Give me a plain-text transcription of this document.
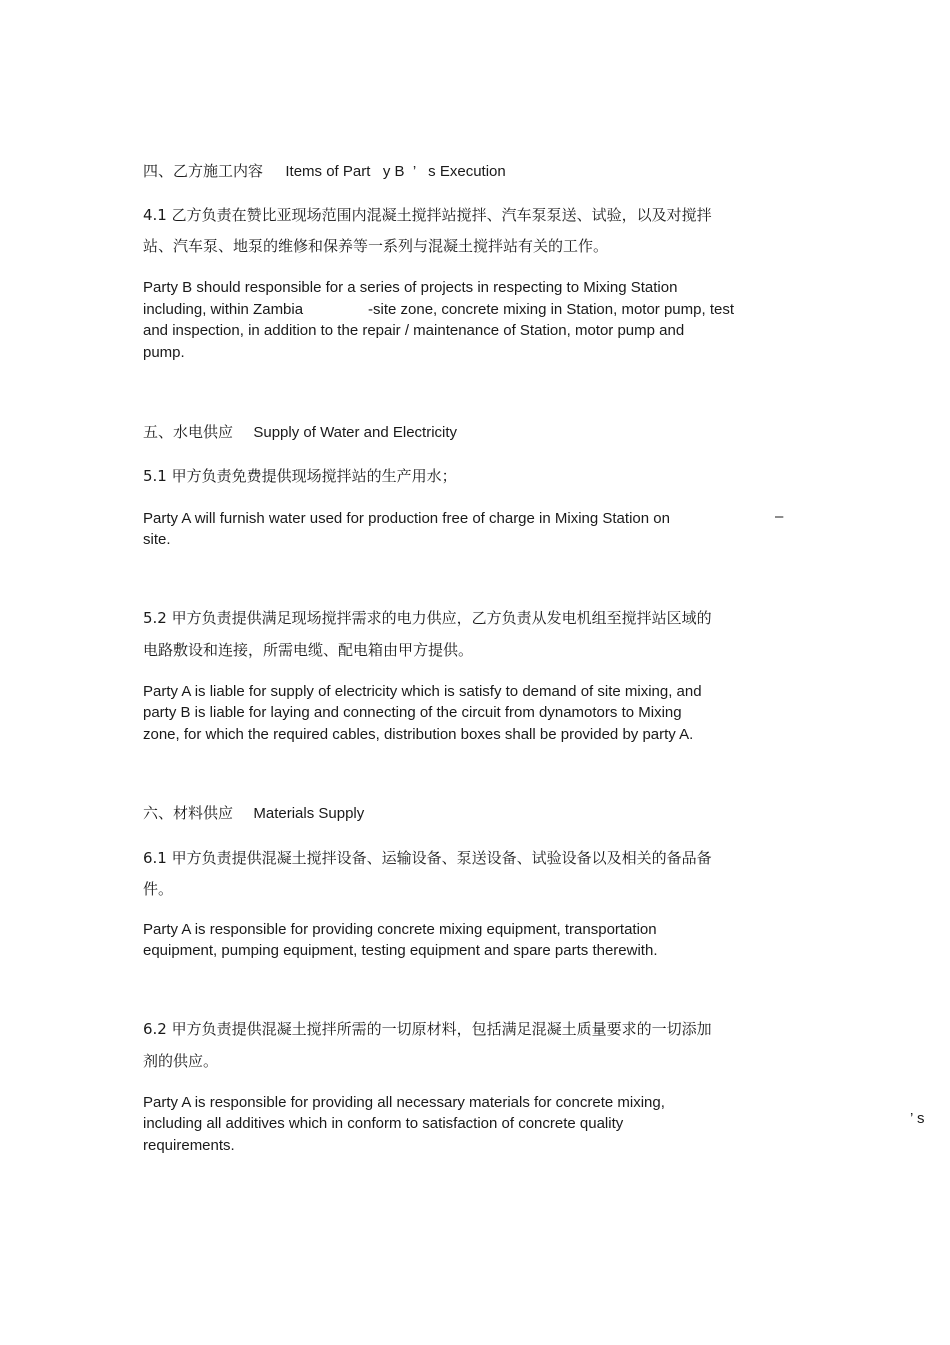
四、乙方施工内容 Items of Part   y B  ’   s Execution
4.1 乙方负责在赞比亚现场范围内混凝土搅拌站搅拌、汽车泵泵送、试验，以及对搅拌
站、汽车泵、地泵的维修和保养等一系列与混凝土搅拌站有关的工作。
Party B should responsible for a series of projects in respecting to Mixing Station
including, within Zambia	-site zone, concrete mixing in Station, motor pump, test
and inspection, in addition to the repair / maintenance of Station, motor pump and
pump.
五、水电供应 Supply of Water and Electricity
5.1 甲方负责免费提供现场搅拌站的生产用水；
Party A will furnish water used for production free of charge in Mixing Station on	–
site.
5.2 甲方负责提供满足现场搅拌需求的电力供应，乙方负责从发电机组至搅拌站区域的
电路敷设和连接，所需电缆、配电箱由甲方提供。
Party A is liable for supply of electricity which is satisfy to demand of site mixing, and
party B is liable for laying and connecting of the circuit from dynamotors to Mixing
zone, for which the required cables, distribution boxes shall be provided by party A.
六、材料供应 Materials Supply
6.1 甲方负责提供混凝土搅拌设备、运输设备、泵送设备、试验设备以及相关的备品备
件。
Party A is responsible for providing concrete mixing equipment, transportation
equipment, pumping equipment, testing equipment and spare parts therewith.
6.2 甲方负责提供混凝土搅拌所需的一切原材料，包括满足混凝土质量要求的一切添加
剂的供应。
Party A is responsible for providing all necessary materials for concrete mixing,
including all additives which in conform to satisfaction of concrete quality	’ s
requirements.
